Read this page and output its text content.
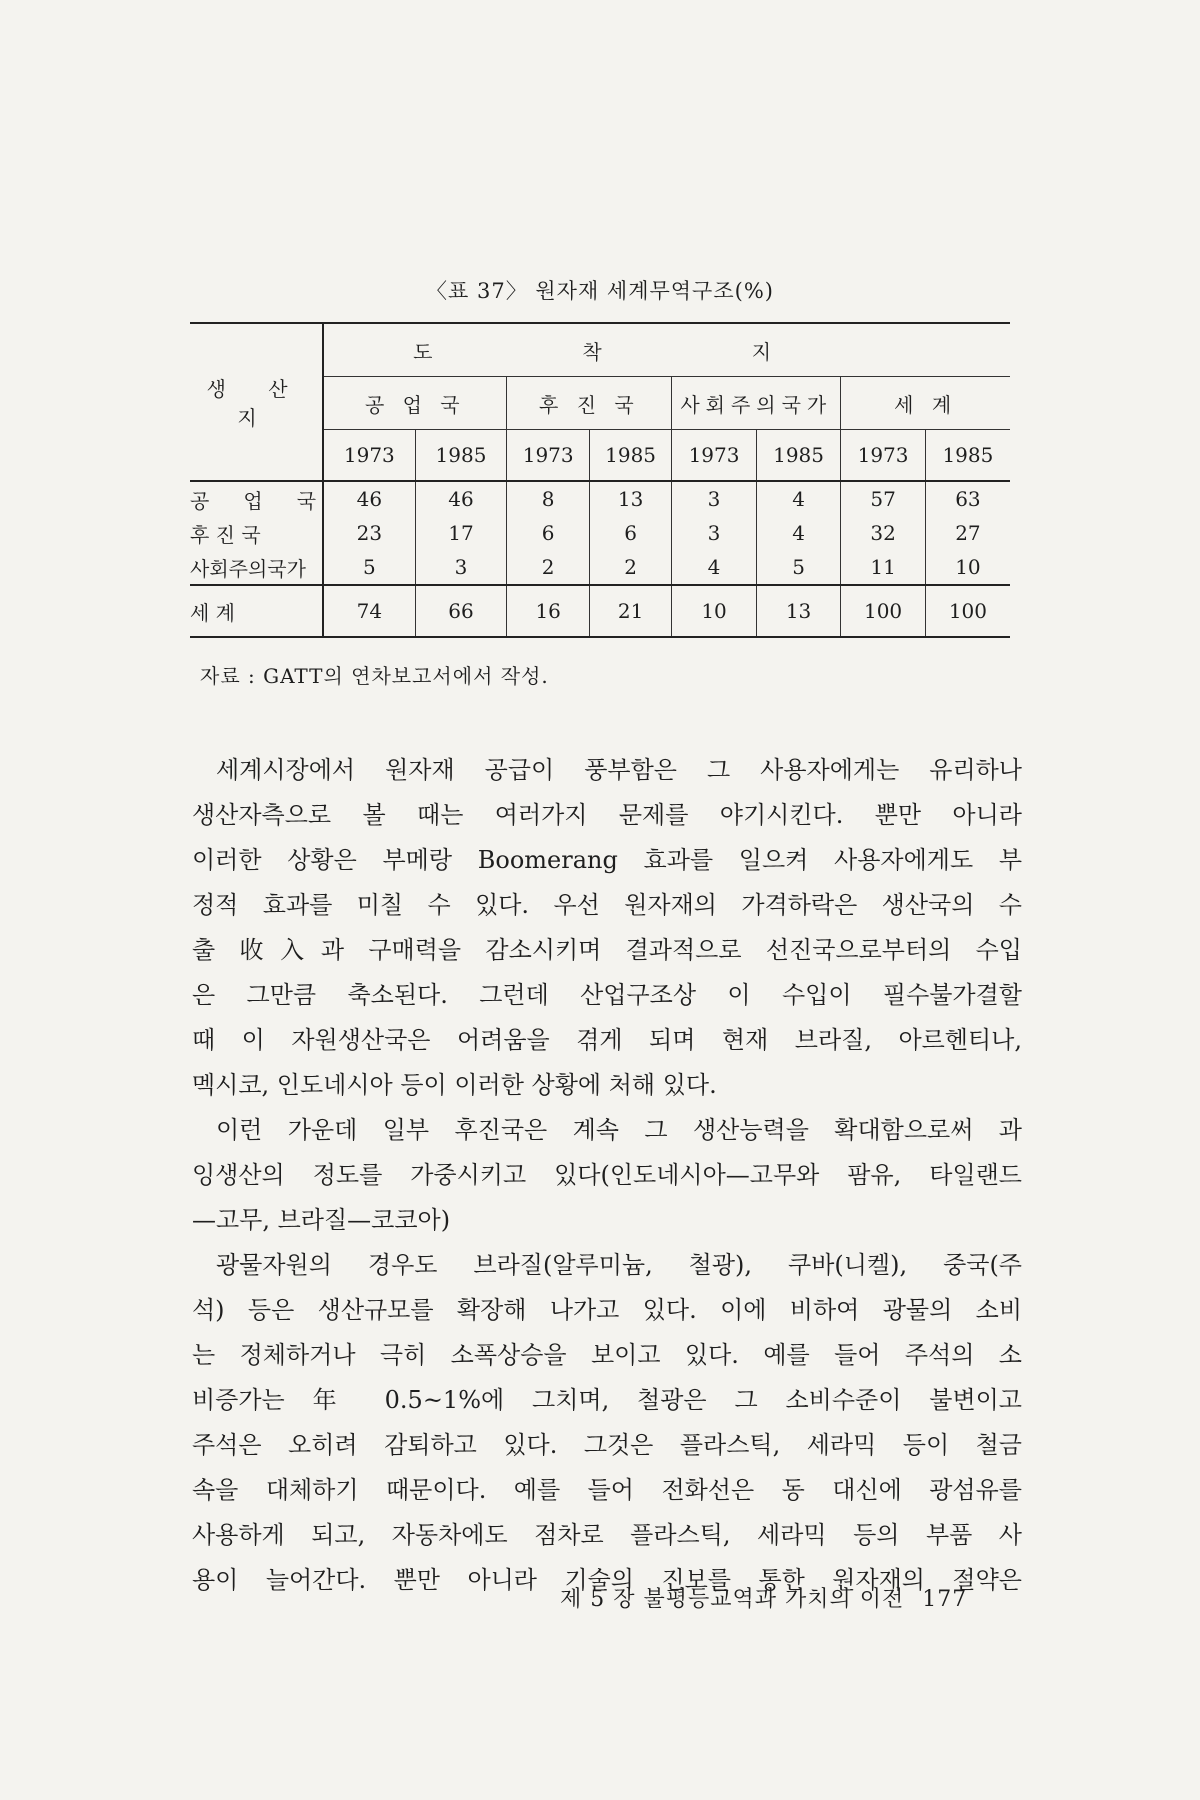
〈표 37〉 원자재 세계무역구조(%)
생 산 지	도착지							
	공 업 국		후 진 국		사회주의국가		세 계	
	1973	1985	1973	1985	1973	1985	1973	1985
공 업 국	46	46	8	13	3	4	57	63
후 진 국	23	17	6	6	3	4	32	27
사회주의국가	5	3	2	2	4	5	11	10
세 계	74	66	16	21	10	13	100	100
자료 : GATT의 연차보고서에서 작성.
세계시장에서 원자재 공급이 풍부함은 그 사용자에게는 유리하나
생산자측으로 볼 때는 여러가지 문제를 야기시킨다. 뿐만 아니라
이러한 상황은 부메랑 Boomerang 효과를 일으켜 사용자에게도 부
정적 효과를 미칠 수 있다. 우선 원자재의 가격하락은 생산국의 수
출 收入과 구매력을 감소시키며 결과적으로 선진국으로부터의 수입
은 그만큼 축소된다. 그런데 산업구조상 이 수입이 필수불가결할
때 이 자원생산국은 어려움을 겪게 되며 현재 브라질, 아르헨티나,
멕시코, 인도네시아 등이 이러한 상황에 처해 있다.
이런 가운데 일부 후진국은 계속 그 생산능력을 확대함으로써 과
잉생산의 정도를 가중시키고 있다(인도네시아—고무와 팜유, 타일랜드
—고무, 브라질—코코아)
광물자원의 경우도 브라질(알루미늄, 철광), 쿠바(니켈), 중국(주
석) 등은 생산규모를 확장해 나가고 있다. 이에 비하여 광물의 소비
는 정체하거나 극히 소폭상승을 보이고 있다. 예를 들어 주석의 소
비증가는 年 0.5~1%에 그치며, 철광은 그 소비수준이 불변이고
주석은 오히려 감퇴하고 있다. 그것은 플라스틱, 세라믹 등이 철금
속을 대체하기 때문이다. 예를 들어 전화선은 동 대신에 광섬유를
사용하게 되고, 자동차에도 점차로 플라스틱, 세라믹 등의 부품 사
용이 늘어간다. 뿐만 아니라 기술의 진보를 통한 원자재의 절약은
제 5 장 불평등교역과 가치의 이전 177
